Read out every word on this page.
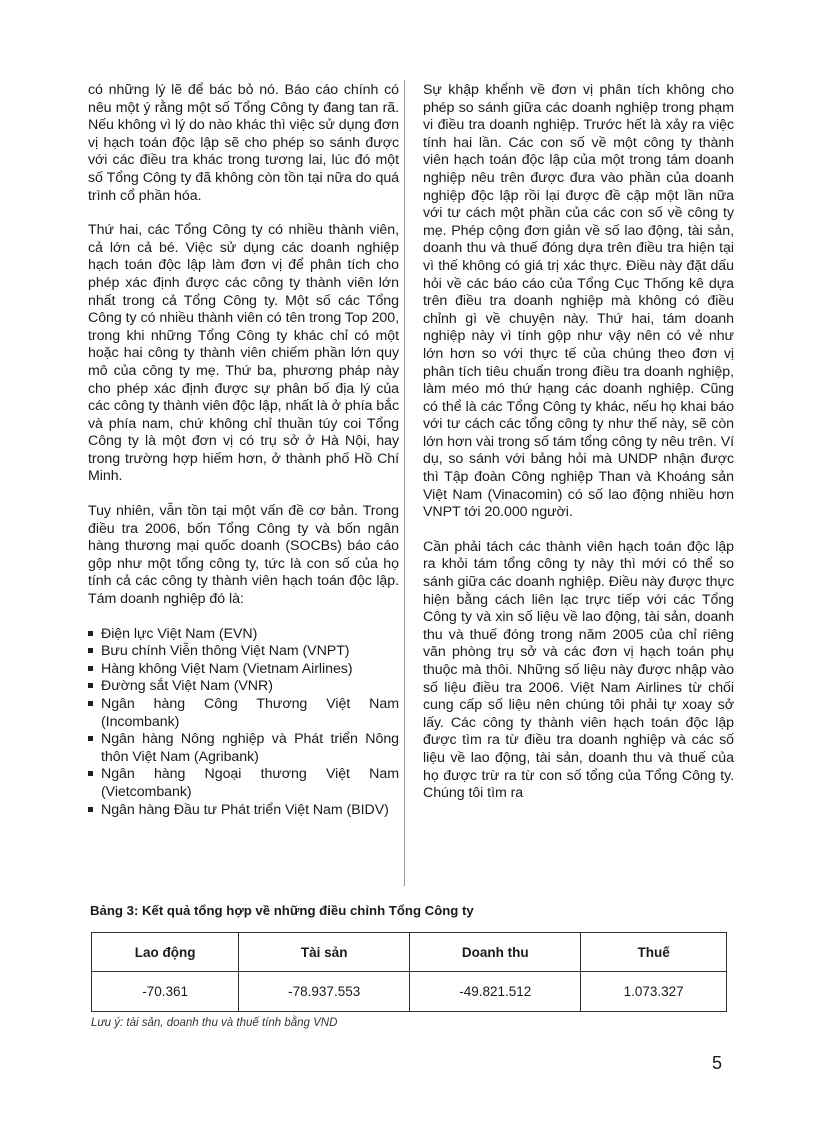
có những lý lẽ để bác bỏ nó. Báo cáo chính có nêu một ý rằng một số Tổng Công ty đang tan rã. Nếu không vì lý do nào khác thì việc sử dụng đơn vị hạch toán độc lập sẽ cho phép so sánh được với các điều tra khác trong tương lai, lúc đó một số Tổng Công ty đã không còn tồn tại nữa do quá trình cổ phần hóa.

Thứ hai, các Tổng Công ty có nhiều thành viên, cả lớn cả bé. Việc sử dụng các doanh nghiệp hạch toán độc lập làm đơn vị để phân tích cho phép xác định được các công ty thành viên lớn nhất trong cả Tổng Công ty. Một số các Tổng Công ty có nhiều thành viên có tên trong Top 200, trong khi những Tổng Công ty khác chỉ có một hoặc hai công ty thành viên chiếm phần lớn quy mô của công ty mẹ. Thứ ba, phương pháp này cho phép xác định được sự phân bố địa lý của các công ty thành viên độc lập, nhất là ở phía bắc và phía nam, chứ không chỉ thuần túy coi Tổng Công ty là một đơn vị có trụ sở ở Hà Nội, hay trong trường hợp hiếm hơn, ở thành phố Hồ Chí Minh.

Tuy nhiên, vẫn tồn tại một vấn đề cơ bản. Trong điều tra 2006, bốn Tổng Công ty và bốn ngân hàng thương mại quốc doanh (SOCBs) báo cáo gộp như một tổng công ty, tức là con số của họ tính cả các công ty thành viên hạch toán độc lập. Tám doanh nghiệp đó là:

Điện lực Việt Nam (EVN)
Bưu chính Viễn thông Việt Nam (VNPT)
Hàng không Việt Nam (Vietnam Airlines)
Đường sắt Việt Nam (VNR)
Ngân hàng Công Thương Việt Nam (Incombank)
Ngân hàng Nông nghiệp và Phát triển Nông thôn Việt Nam (Agribank)
Ngân hàng Ngoại thương Việt Nam (Vietcombank)
Ngân hàng Đầu tư Phát triển Việt Nam (BIDV)

Sự khập khểnh về đơn vị phân tích không cho phép so sánh giữa các doanh nghiệp trong phạm vi điều tra doanh nghiệp. Trước hết là xảy ra việc tính hai lần. Các con số về một công ty thành viên hạch toán độc lập của một trong tám doanh nghiệp nêu trên được đưa vào phần của doanh nghiệp độc lập rồi lại được đề cập một lần nữa với tư cách một phần của các con số về công ty mẹ. Phép cộng đơn giản về số lao động, tài sản, doanh thu và thuế đóng dựa trên điều tra hiện tại vì thế không có giá trị xác thực. Điều này đặt dấu hỏi về các báo cáo của Tổng Cục Thống kê dựa trên điều tra doanh nghiệp mà không có điều chỉnh gì về chuyện này. Thứ hai, tám doanh nghiệp này vì tính gộp như vậy nên có vẻ như lớn hơn so với thực tế của chúng theo đơn vị phân tích tiêu chuẩn trong điều tra doanh nghiệp, làm méo mó thứ hạng các doanh nghiệp. Cũng có thể là các Tổng Công ty khác, nếu họ khai báo với tư cách các tổng công ty như thế này, sẽ còn lớn hơn vài trong số tám tổng công ty nêu trên. Ví dụ, so sánh với bảng hỏi mà UNDP nhận được thì Tập đoàn Công nghiệp Than và Khoáng sản Việt Nam (Vinacomin) có số lao động nhiều hơn VNPT tới 20.000 người.

Cần phải tách các thành viên hạch toán độc lập ra khỏi tám tổng công ty này thì mới có thể so sánh giữa các doanh nghiệp. Điều này được thực hiện bằng cách liên lạc trực tiếp với các Tổng Công ty và xin số liệu về lao động, tài sản, doanh thu và thuế đóng trong năm 2005 của chỉ riêng văn phòng trụ sở và các đơn vị hạch toán phụ thuộc mà thôi. Những số liệu này được nhập vào số liệu điều tra 2006. Việt Nam Airlines từ chối cung cấp số liệu nên chúng tôi phải tự xoay sở lấy. Các công ty thành viên hạch toán độc lập được tìm ra từ điều tra doanh nghiệp và các số liệu về lao động, tài sản, doanh thu và thuế của họ được trừ ra từ con số tổng của Tổng Công ty. Chúng tôi tìm ra

Bảng 3: Kết quả tổng hợp về những điều chỉnh Tổng Công ty
Lao động	Tài sản	Doanh thu	Thuế
-70.361	-78.937.553	-49.821.512	1.073.327
Lưu ý: tài sản, doanh thu và thuế tính bằng VND
5
